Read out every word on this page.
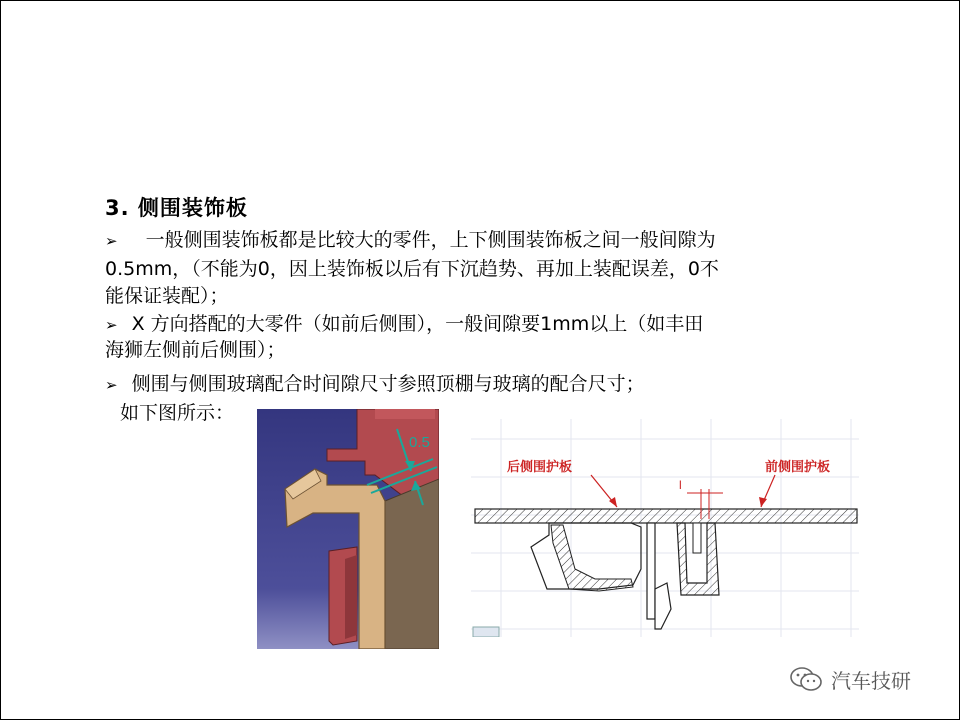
3. 侧围装饰板
➢ 一般侧围装饰板都是比较大的零件，上下侧围装饰板之间一般间隙为
0.5mm，（不能为0，因上装饰板以后有下沉趋势、再加上装配误差，0不
能保证装配）；
➢ X 方向搭配的大零件（如前后侧围），一般间隙要1mm以上（如丰田
海狮左侧前后侧围）；
➢ 侧围与侧围玻璃配合时间隙尺寸参照顶棚与玻璃的配合尺寸；
如下图所示：
0.5
l
后侧围护板	前侧围护板
汽车技研
